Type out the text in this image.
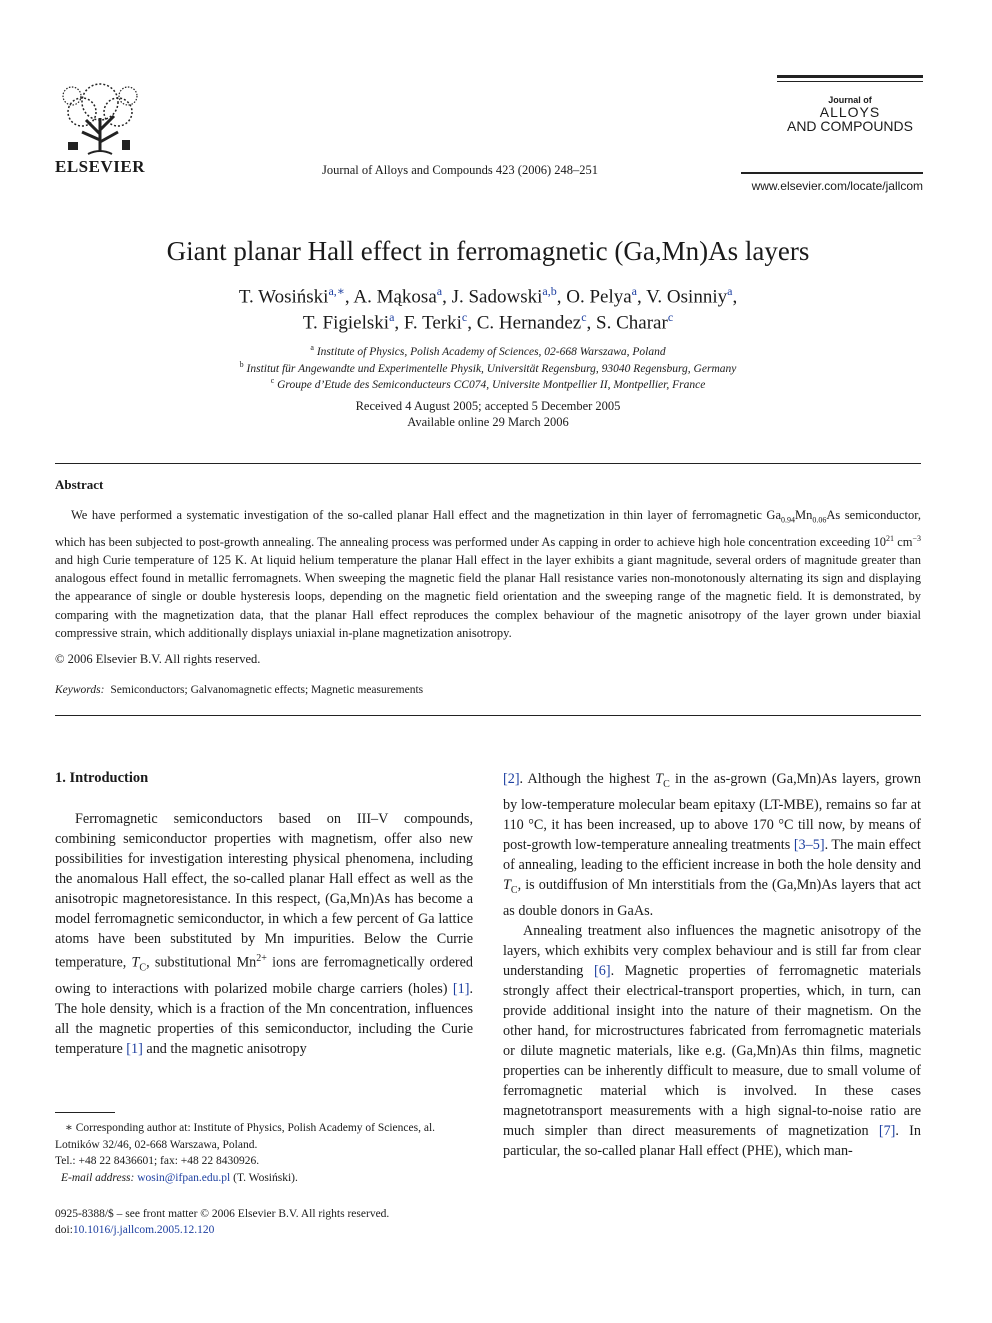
ELSEVIER	Journal of Alloys and Compounds 423 (2006) 248–251
Journal of
ALLOYS
AND COMPOUNDS
www.elsevier.com/locate/jallcom
Giant planar Hall effect in ferromagnetic (Ga,Mn)As layers
T. Wosiński$^{a,∗}$, A. Mąkosa$^a$, J. Sadowski$^{a,b}$, O. Pelya$^a$, V. Osinniy$^a$,
T. Figielski$^a$, F. Terki$^c$, C. Hernandez$^c$, S. Charar$^c$
$^a$ Institute of Physics, Polish Academy of Sciences, 02-668 Warszawa, Poland
$^b$ Institut für Angewandte und Experimentelle Physik, Universität Regensburg, 93040 Regensburg, Germany
$^c$ Groupe d’Etude des Semiconducteurs CC074, Universite Montpellier II, Montpellier, France
Received 4 August 2005; accepted 5 December 2005
Available online 29 March 2006
Abstract

We have performed a systematic investigation of the so-called planar Hall effect and the magnetization in thin layer of ferromagnetic $Ga_{0.94}Mn_{0.06}As$ semiconductor, which has been subjected to post-growth annealing. The annealing process was performed under As capping in order to achieve high hole concentration exceeding $10^{21}$ $cm^{-3}$ and high Curie temperature of 125 K. At liquid helium temperature the planar Hall effect in the layer exhibits a giant magnitude, several orders of magnitude greater than analogous effect found in metallic ferromagnets. When sweeping the magnetic field the planar Hall resistance varies non-monotonously alternating its sign and displaying the appearance of single or double hysteresis loops, depending on the magnetic field orientation and the sweeping range of the magnetic field. It is demonstrated, by comparing with the magnetization data, that the planar Hall effect reproduces the complex behaviour of the magnetic anisotropy of the layer grown under biaxial compressive strain, which additionally displays uniaxial in-plane magnetization anisotropy.

© 2006 Elsevier B.V. All rights reserved.
Keywords: Semiconductors; Galvanomagnetic effects; Magnetic measurements
1. Introduction

Ferromagnetic semiconductors based on III–V compounds, combining semiconductor properties with magnetism, offer also new possibilities for investigation interesting physical phenomena, including the anomalous Hall effect, the so-called planar Hall effect as well as the anisotropic magnetoresistance. In this respect, (Ga,Mn)As has become a model ferromagnetic semiconductor, in which a few percent of Ga lattice atoms have been substituted by Mn impurities. Below the Currie temperature, $T_C$, substitutional $Mn^{2+}$ ions are ferromagnetically ordered owing to interactions with polarized mobile charge carriers (holes) [1]. The hole density, which is a fraction of the Mn concentration, influences all the magnetic properties of this semiconductor, including the Curie temperature [1] and the magnetic anisotropy

[2]. Although the highest $T_C$ in the as-grown (Ga,Mn)As layers, grown by low-temperature molecular beam epitaxy (LT-MBE), remains so far at 110 °C, it has been increased, up to above 170 °C till now, by means of post-growth low-temperature annealing treatments [3–5]. The main effect of annealing, leading to the efficient increase in both the hole density and $T_C$, is outdiffusion of Mn interstitials from the (Ga,Mn)As layers that act as double donors in GaAs.

Annealing treatment also influences the magnetic anisotropy of the layers, which exhibits very complex behaviour and is still far from clear understanding [6]. Magnetic properties of ferromagnetic materials strongly affect their electrical-transport properties, which, in turn, can provide additional insight into the nature of their magnetism. On the other hand, for microstructures fabricated from ferromagnetic materials or dilute magnetic materials, like e.g. (Ga,Mn)As thin films, magnetic properties can be inherently difficult to measure, due to small volume of ferromagnetic material which is involved. In these cases magnetotransport measurements with a high signal-to-noise ratio are much simpler than direct measurements of magnetization [7]. In particular, the so-called planar Hall effect (PHE), which man-

∗ Corresponding author at: Institute of Physics, Polish Academy of Sciences, al. Lotników 32/46, 02-668 Warszawa, Poland.
Tel.: +48 22 8436601; fax: +48 22 8430926.
E-mail address: wosin@ifpan.edu.pl (T. Wosiński).
0925-8388/$ – see front matter © 2006 Elsevier B.V. All rights reserved.
doi:10.1016/j.jallcom.2005.12.120
